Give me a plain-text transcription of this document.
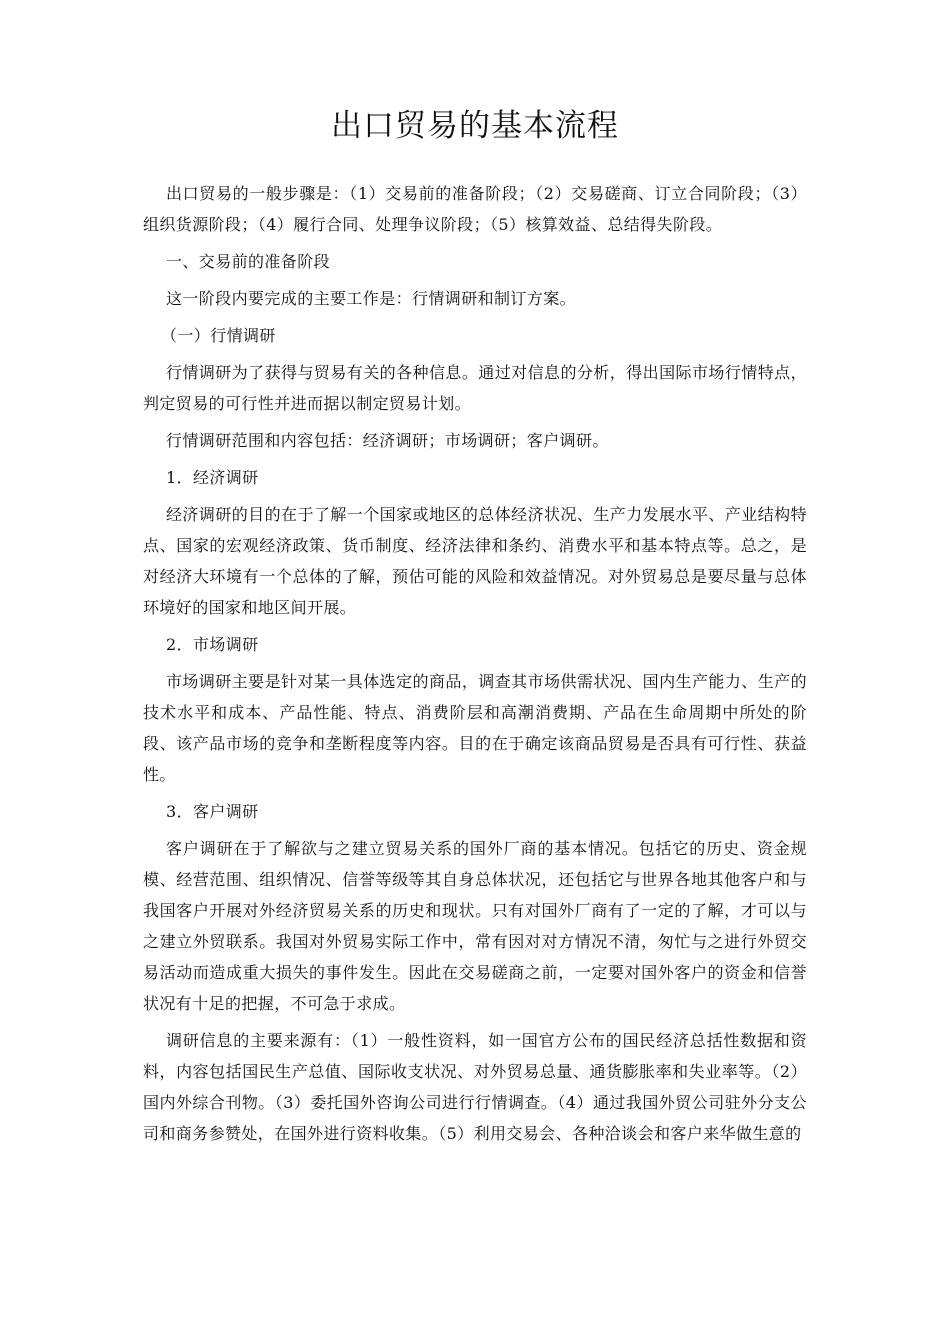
出口贸易的基本流程

出口贸易的一般步骤是：（1）交易前的准备阶段；（2）交易磋商、订立合同阶段；（3）组织货源阶段；（4）履行合同、处理争议阶段；（5）核算效益、总结得失阶段。

一、交易前的准备阶段

这一阶段内要完成的主要工作是：行情调研和制订方案。

（一）行情调研

行情调研为了获得与贸易有关的各种信息。通过对信息的分析，得出国际市场行情特点，判定贸易的可行性并进而据以制定贸易计划。

行情调研范围和内容包括：经济调研；市场调研；客户调研。

1．经济调研

经济调研的目的在于了解一个国家或地区的总体经济状况、生产力发展水平、产业结构特点、国家的宏观经济政策、货币制度、经济法律和条约、消费水平和基本特点等。总之，是对经济大环境有一个总体的了解，预估可能的风险和效益情况。对外贸易总是要尽量与总体环境好的国家和地区间开展。

2．市场调研

市场调研主要是针对某一具体选定的商品，调查其市场供需状况、国内生产能力、生产的技术水平和成本、产品性能、特点、消费阶层和高潮消费期、产品在生命周期中所处的阶段、该产品市场的竞争和垄断程度等内容。目的在于确定该商品贸易是否具有可行性、获益性。

3．客户调研

客户调研在于了解欲与之建立贸易关系的国外厂商的基本情况。包括它的历史、资金规模、经营范围、组织情况、信誉等级等其自身总体状况，还包括它与世界各地其他客户和与我国客户开展对外经济贸易关系的历史和现状。只有对国外厂商有了一定的了解，才可以与之建立外贸联系。我国对外贸易实际工作中，常有因对对方情况不清，匆忙与之进行外贸交易活动而造成重大损失的事件发生。因此在交易磋商之前，一定要对国外客户的资金和信誉状况有十足的把握，不可急于求成。

调研信息的主要来源有：（1）一般性资料，如一国官方公布的国民经济总括性数据和资料，内容包括国民生产总值、国际收支状况、对外贸易总量、通货膨胀率和失业率等。（2）国内外综合刊物。（3）委托国外咨询公司进行行情调查。（4）通过我国外贸公司驻外分支公司和商务参赞处，在国外进行资料收集。（5）利用交易会、各种洽谈会和客户来华做生意的
